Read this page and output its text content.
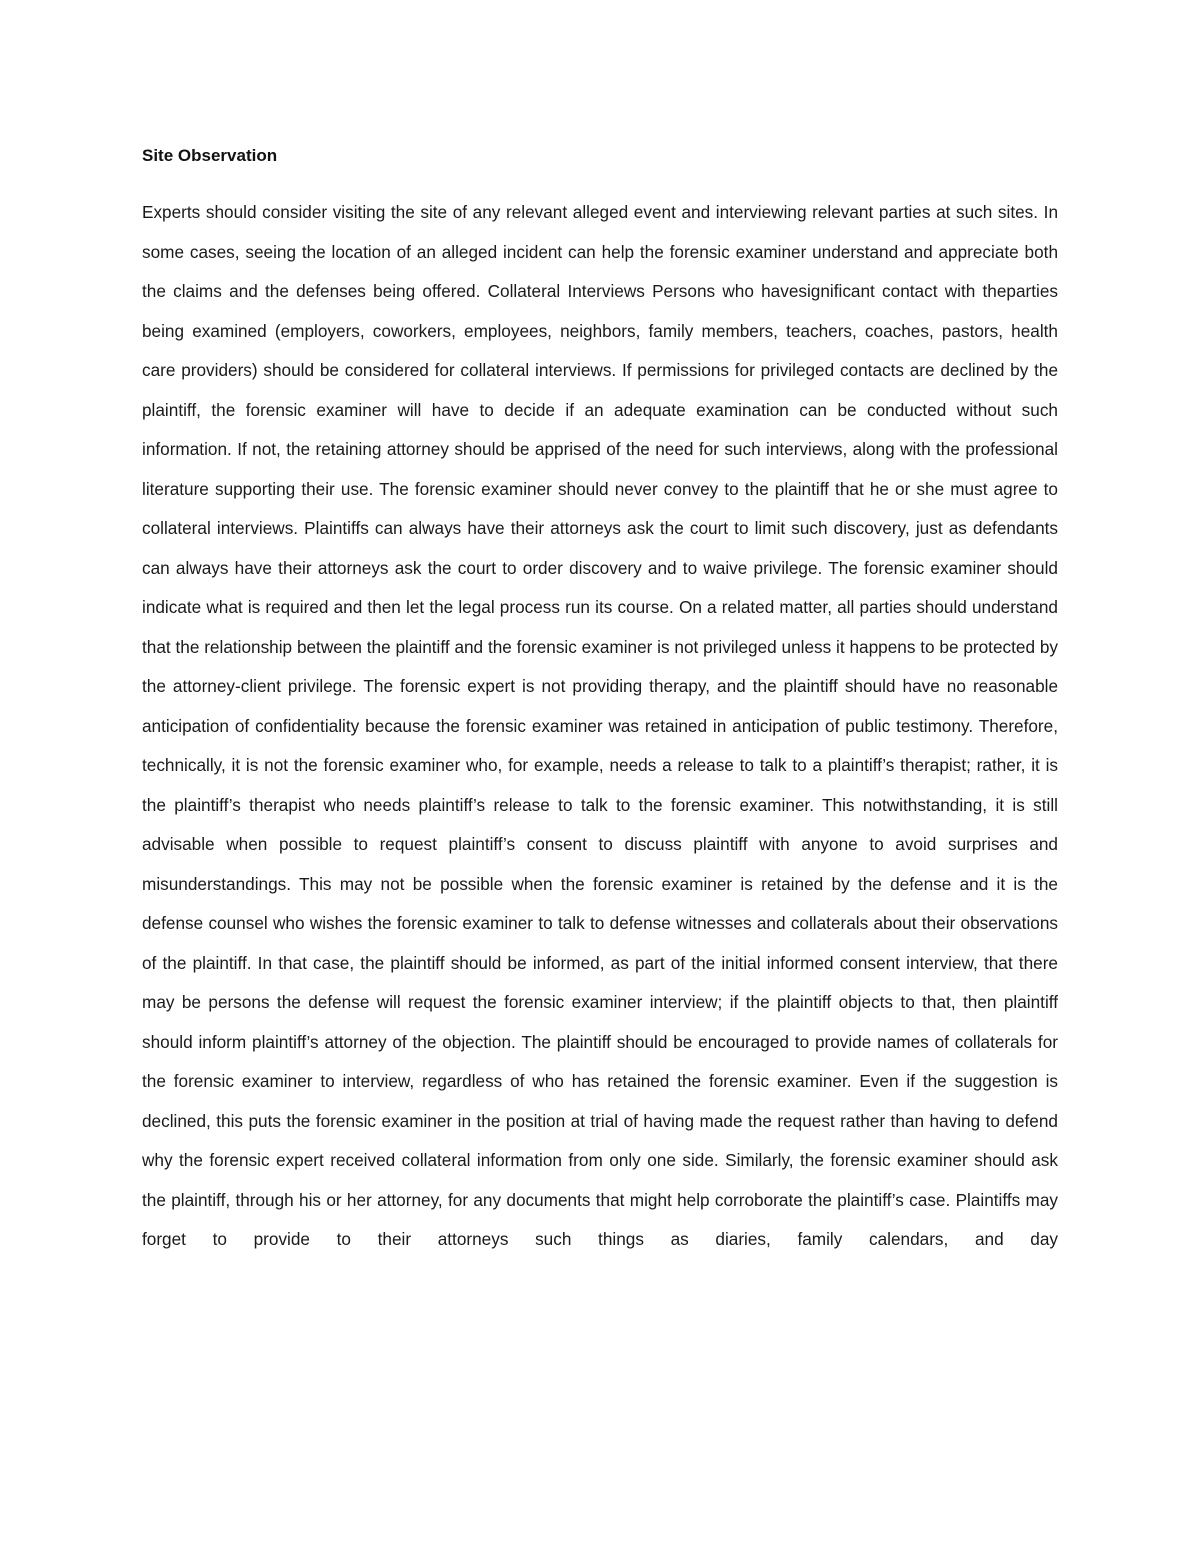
Site Observation

Experts should consider visiting the site of any relevant alleged event and interviewing relevant parties at such sites. In some cases, seeing the location of an alleged incident can help the forensic examiner understand and appreciate both the claims and the defenses being offered. Collateral Interviews Persons who havesignificant contact with theparties being examined (employers, coworkers, employees, neighbors, family members, teachers, coaches, pastors, health care providers) should be considered for collateral interviews. If permissions for privileged contacts are declined by the plaintiff, the forensic examiner will have to decide if an adequate examination can be conducted without such information. If not, the retaining attorney should be apprised of the need for such interviews, along with the professional literature supporting their use. The forensic examiner should never convey to the plaintiff that he or she must agree to collateral interviews. Plaintiffs can always have their attorneys ask the court to limit such discovery, just as defendants can always have their attorneys ask the court to order discovery and to waive privilege. The forensic examiner should indicate what is required and then let the legal process run its course. On a related matter, all parties should understand that the relationship between the plaintiff and the forensic examiner is not privileged unless it happens to be protected by the attorney-client privilege. The forensic expert is not providing therapy, and the plaintiff should have no reasonable anticipation of confidentiality because the forensic examiner was retained in anticipation of public testimony. Therefore, technically, it is not the forensic examiner who, for example, needs a release to talk to a plaintiff’s therapist; rather, it is the plaintiff’s therapist who needs plaintiff’s release to talk to the forensic examiner. This notwithstanding, it is still advisable when possible to request plaintiff’s consent to discuss plaintiff with anyone to avoid surprises and misunderstandings. This may not be possible when the forensic examiner is retained by the defense and it is the defense counsel who wishes the forensic examiner to talk to defense witnesses and collaterals about their observations of the plaintiff. In that case, the plaintiff should be informed, as part of the initial informed consent interview, that there may be persons the defense will request the forensic examiner interview; if the plaintiff objects to that, then plaintiff should inform plaintiff’s attorney of the objection. The plaintiff should be encouraged to provide names of collaterals for the forensic examiner to interview, regardless of who has retained the forensic examiner. Even if the suggestion is declined, this puts the forensic examiner in the position at trial of having made the request rather than having to defend why the forensic expert received collateral information from only one side. Similarly, the forensic examiner should ask the plaintiff, through his or her attorney, for any documents that might help corroborate the plaintiff’s case. Plaintiffs may forget to provide to their attorneys such things as diaries, family calendars, and day
